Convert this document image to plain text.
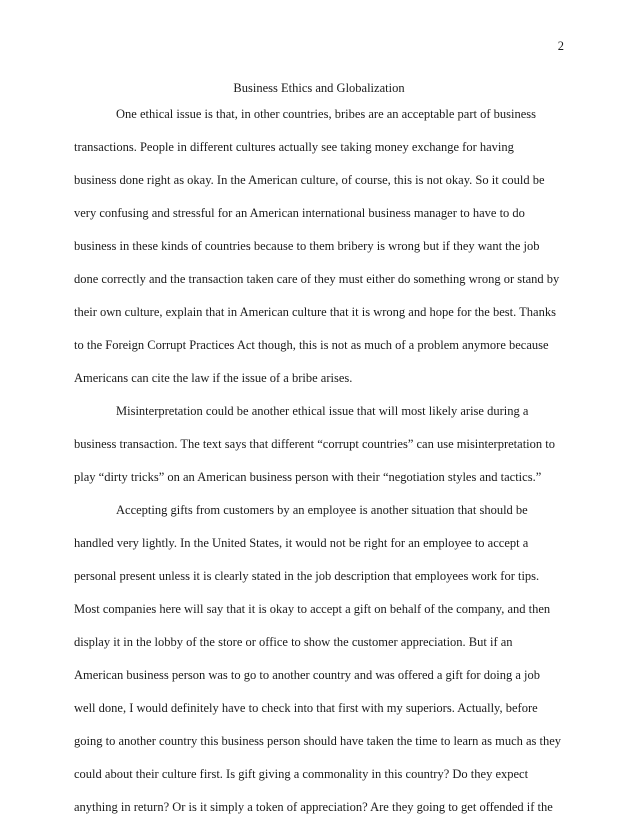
2
Business Ethics and Globalization
One ethical issue is that, in other countries, bribes are an acceptable part of business
transactions. People in different cultures actually see taking money exchange for having
business done right as okay. In the American culture, of course, this is not okay. So it could be
very confusing and stressful for an American international business manager to have to do
business in these kinds of countries because to them bribery is wrong but if they want the job
done correctly and the transaction taken care of they must either do something wrong or stand by
their own culture, explain that in American culture that it is wrong and hope for the best. Thanks
to the Foreign Corrupt Practices Act though, this is not as much of a problem anymore because
Americans can cite the law if the issue of a bribe arises.
Misinterpretation could be another ethical issue that will most likely arise during a
business transaction. The text says that different “corrupt countries” can use misinterpretation to
play “dirty tricks” on an American business person with their “negotiation styles and tactics.”
Accepting gifts from customers by an employee is another situation that should be
handled very lightly. In the United States, it would not be right for an employee to accept a
personal present unless it is clearly stated in the job description that employees work for tips.
Most companies here will say that it is okay to accept a gift on behalf of the company, and then
display it in the lobby of the store or office to show the customer appreciation. But if an
American business person was to go to another country and was offered a gift for doing a job
well done, I would definitely have to check into that first with my superiors. Actually, before
going to another country this business person should have taken the time to learn as much as they
could about their culture first. Is gift giving a commonality in this country? Do they expect
anything in return? Or is it simply a token of appreciation? Are they going to get offended if the
